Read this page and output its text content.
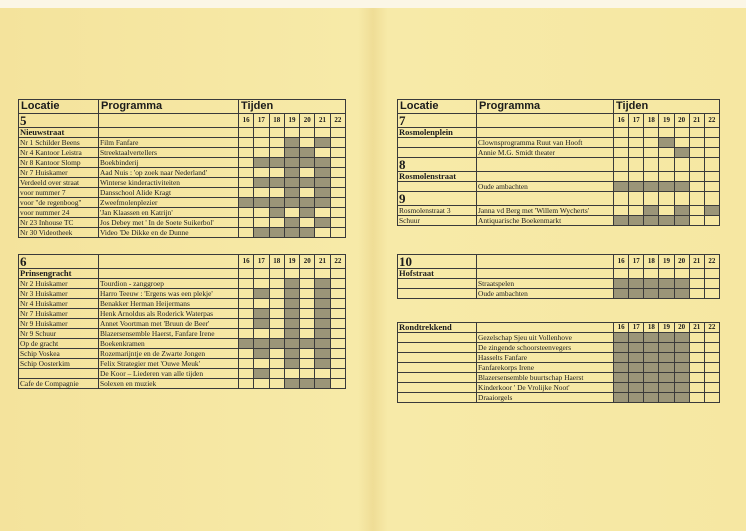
Locatie	Programma	Tijden						
5		16	17	18	19	20	21	22
Nieuwstraat								
Nr 1 Schilder Beens	Film Fanfare							
Nr 4 Kantoor Leistra	Streektaalvertellers							
Nr 8 Kantoor Slomp	Boekbinderij							
Nr 7 Huiskamer	Aad Nuis : 'op zoek naar Nederland'							
Verdeeld over straat	Winterse kinderactiviteiten							
voor nummer 7	Dansschool Alide Kragt							
voor "de regenboog"	Zweefmolenplezier							
voor nummer 24	'Jan Klaassen en Katrijn'							
Nr 23 Inhouse TC	Jos Debey met ' In de Soete Suikerbol'							
Nr 30 Videotheek	Video 'De Dikke en de Dunne							
6		16	17	18	19	20	21	22
Prinsengracht								
Nr 2 Huiskamer	Tourdion - zanggroep							
Nr 3 Huiskamer	Harro Teeuw : 'Ergens was een plekje'							
Nr 4 Huiskamer	Benakker Herman Heijermans							
Nr 7 Huiskamer	Henk Arnoldus als Roderick Waterpas							
Nr 9 Huiskamer	Annet Voortman met 'Bruun de Beer'							
Nr 9 Schuur	Blazersensemble Haerst, Fanfare Irene							
Op de gracht	Boekenkramen							
Schip Voskea	Rozemarijntje en de Zwarte Jongen							
Schip Oosterkim	Felix Strategier met 'Ouwe Meuk'							
	De Koor – Liederen van alle tijden							
Cafe de Compagnie	Solexen en muziek							
Locatie	Programma	Tijden						
7		16	17	18	19	20	21	22
Rosmolenplein								
	Clownsprogramma Ruut van Hooft							
	Annie M.G. Smidt theater							
8								
Rosmolenstraat								
	Oude ambachten							
9								
Rosmolenstraat 3	Janna vd Berg met 'Willem Wycherts'							
Schuur	Antiquarische Boekenmarkt							
10		16	17	18	19	20	21	22
Hofstraat								
	Straatspelen							
	Oude ambachten							
Rondtrekkend		16	17	18	19	20	21	22
	Gezelschap Sjeu uit Vollenhove							
	De zingende schoorsteenvegers							
	Hasselts Fanfare							
	Fanfarekorps Irene							
	Blazersensemble buurtschap Haerst							
	Kinderkoor ' De Vrolijke Noot'							
	Draaiorgels							
